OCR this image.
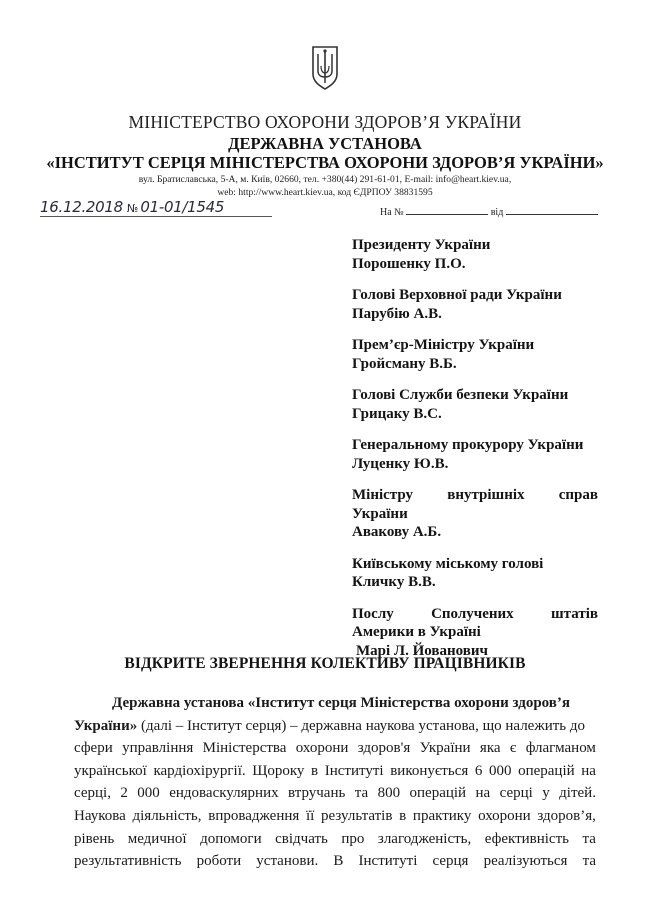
МІНІСТЕРСТВО ОХОРОНИ ЗДОРОВ’Я УКРАЇНИ
ДЕРЖАВНА УСТАНОВА
«ІНСТИТУТ СЕРЦЯ МІНІСТЕРСТВА ОХОРОНИ ЗДОРОВ’Я УКРАЇНИ»
вул. Братиславська, 5-А, м. Київ, 02660, тел. +380(44) 291-61-01, E-mail: info@heart.kiev.ua,
web: http://www.heart.kiev.ua, код ЄДРПОУ 38831595
16.12.2018 № 01-01/1545	На №	від
Президенту України
Порошенку П.О.
Голові Верховної ради України
Парубію А.В.
Прем’єр-Міністру України
Гройсману В.Б.
Голові Служби безпеки України
Грицаку В.С.
Генеральному прокурору України
Луценку Ю.В.
Міністру внутрішніх справ
України
Авакову А.Б.
Київському міському голові
Кличку В.В.
Послу Сполучених штатів
Америки в Україні
Марі Л. Йованович
ВІДКРИТЕ ЗВЕРНЕННЯ КОЛЕКТИВУ ПРАЦІВНИКІВ
Державна установа «Інститут серця Міністерства охорони здоров’я
України» (далі – Інститут серця) – державна наукова установа, що належить до
сфери управління Міністерства охорони здоров'я України яка є флагманом
української кардіохірургії. Щороку в Інституті виконується 6 000 операцій на
серці, 2 000 ендоваскулярних втручань та 800 операцій на серці у дітей.
Наукова діяльність, впровадження її результатів в практику охорони здоров’я,
рівень медичної допомоги свідчать про злагодженість, ефективність та
результативність роботи установи. В Інституті серця реалізуються та
